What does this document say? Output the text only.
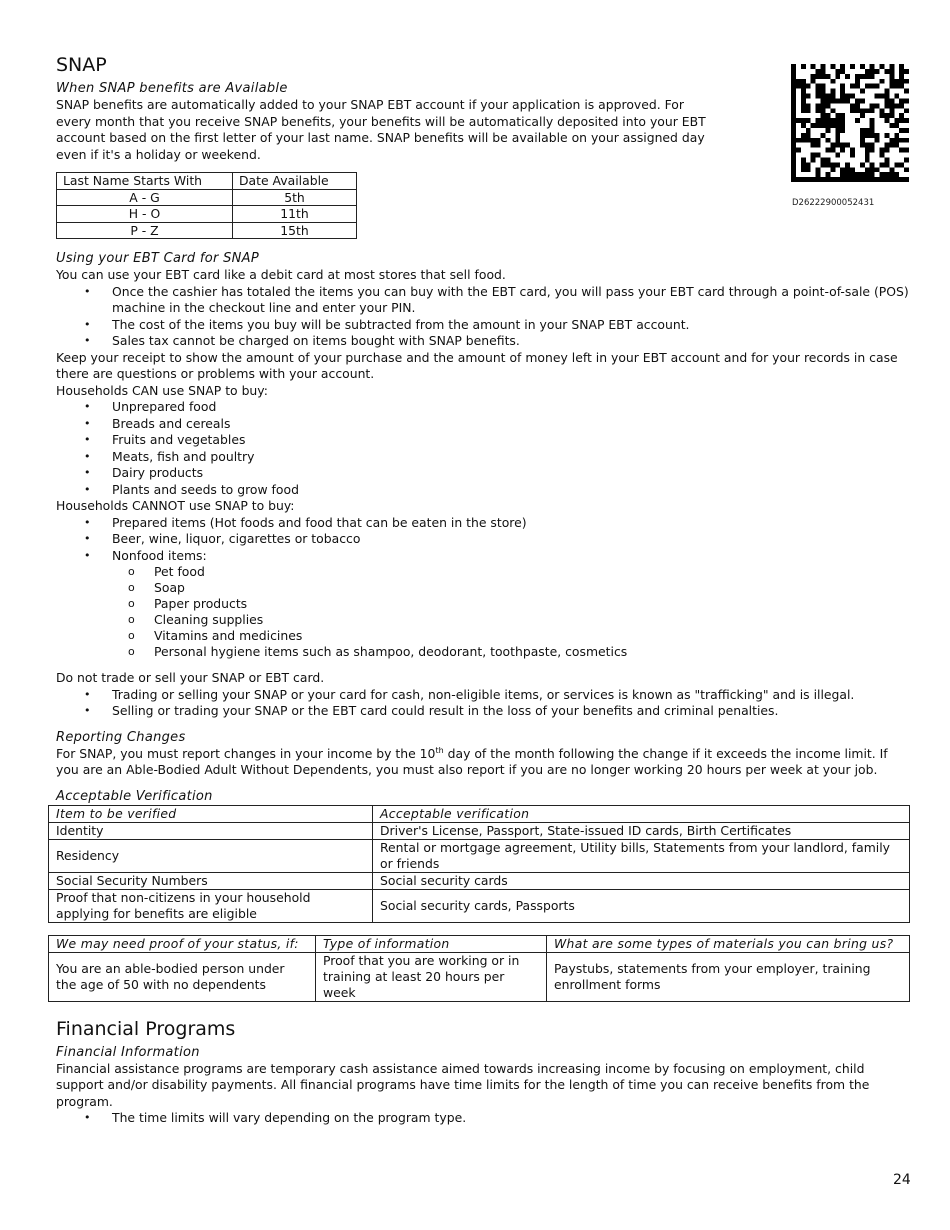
D26222900052431
SNAP
When SNAP benefits are Available

SNAP benefits are automatically added to your SNAP EBT account if your application is approved. For every month that you receive SNAP benefits, your benefits will be automatically deposited into your EBT account based on the first letter of your last name. SNAP benefits will be available on your assigned day even if it's a holiday or weekend.

Last Name Starts With	Date Available
A - G	5th
H - O	11th
P - Z	15th
Using your EBT Card for SNAP

You can use your EBT card like a debit card at most stores that sell food.

• Once the cashier has totaled the items you can buy with the EBT card, you will pass your EBT card through a point-of-sale (POS) machine in the checkout line and enter your PIN.
• The cost of the items you buy will be subtracted from the amount in your SNAP EBT account.
• Sales tax cannot be charged on items bought with SNAP benefits.

Keep your receipt to show the amount of your purchase and the amount of money left in your EBT account and for your records in case there are questions or problems with your account.

Households CAN use SNAP to buy:

• Unprepared food
• Breads and cereals
• Fruits and vegetables
• Meats, fish and poultry
• Dairy products
• Plants and seeds to grow food

Households CANNOT use SNAP to buy:

• Prepared items (Hot foods and food that can be eaten in the store)
• Beer, wine, liquor, cigarettes or tobacco
• Nonfood items:
o Pet food
o Soap
o Paper products
o Cleaning supplies
o Vitamins and medicines
o Personal hygiene items such as shampoo, deodorant, toothpaste, cosmetics

Do not trade or sell your SNAP or EBT card.

• Trading or selling your SNAP or your card for cash, non-eligible items, or services is known as "trafficking" and is illegal.
• Selling or trading your SNAP or the EBT card could result in the loss of your benefits and criminal penalties.
Reporting Changes

For SNAP, you must report changes in your income by the 10th day of the month following the change if it exceeds the income limit. If you are an Able-Bodied Adult Without Dependents, you must also report if you are no longer working 20 hours per week at your job.

Acceptable Verification
Item to be verified	Acceptable verification
Identity	Driver's License, Passport, State-issued ID cards, Birth Certificates
Residency	Rental or mortgage agreement, Utility bills, Statements from your landlord, family or friends
Social Security Numbers	Social security cards
Proof that non-citizens in your household applying for benefits are eligible	Social security cards, Passports
We may need proof of your status, if:	Type of information	What are some types of materials you can bring us?
You are an able-bodied person under the age of 50 with no dependents	Proof that you are working or in training at least 20 hours per week	Paystubs, statements from your employer, training enrollment forms
Financial Programs
Financial Information

Financial assistance programs are temporary cash assistance aimed towards increasing income by focusing on employment, child support and/or disability payments. All financial programs have time limits for the length of time you can receive benefits from the program.

• The time limits will vary depending on the program type.
24
